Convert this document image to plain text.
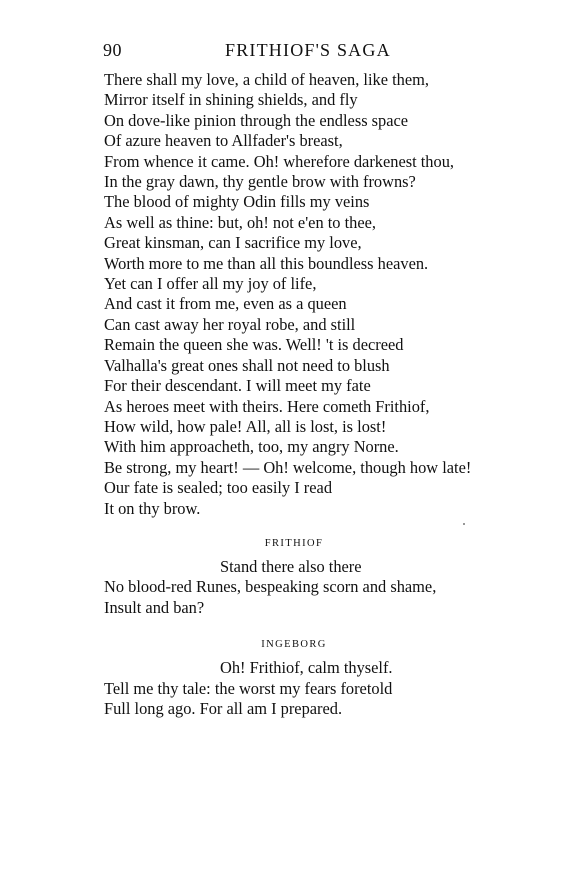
90	FRITHIOF'S SAGA
There shall my love, a child of heaven, like them,
Mirror itself in shining shields, and fly
On dove-like pinion through the endless space
Of azure heaven to Allfader's breast,
From whence it came. Oh! wherefore darkenest thou,
In the gray dawn, thy gentle brow with frowns?
The blood of mighty Odin fills my veins
As well as thine: but, oh! not e'en to thee,
Great kinsman, can I sacrifice my love,
Worth more to me than all this boundless heaven.
Yet can I offer all my joy of life,
And cast it from me, even as a queen
Can cast away her royal robe, and still
Remain the queen she was. Well! 't is decreed
Valhalla's great ones shall not need to blush
For their descendant. I will meet my fate
As heroes meet with theirs. Here cometh Frithiof,
How wild, how pale! All, all is lost, is lost!
With him approacheth, too, my angry Norne.
Be strong, my heart! — Oh! welcome, though how late!
Our fate is sealed; too easily I read
It on thy brow.
FRITHIOF
Stand there also there
No blood-red Runes, bespeaking scorn and shame,
Insult and ban?
INGEBORG
Oh! Frithiof, calm thyself.
Tell me thy tale: the worst my fears foretold
Full long ago. For all am I prepared.
